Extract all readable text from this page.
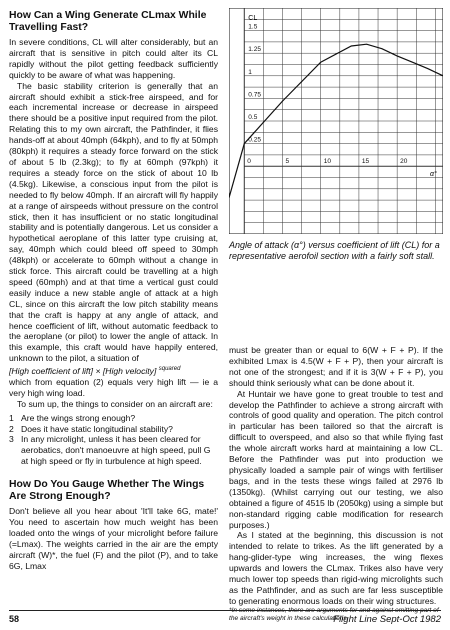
How Can a Wing Generate CLmax While Travelling Fast?

In severe conditions, CL will alter considerably, but an aircraft that is sensitive in pitch could alter its CL rapidly without the pilot getting feedback sufficiently quickly to be aware of what was happening.

The basic stability criterion is generally that an aircraft should exhibit a stick-free airspeed, and for each incremental increase or decrease in airspeed there should be a positive input required from the pilot. Relating this to my own aircraft, the Pathfinder, it flies hands-off at about 40mph (64kph), and to fly at 50mph (80kph) it requires a steady force forward on the stick of about 5 lb (2.3kg); to fly at 60mph (97kph) it requires a steady force on the stick of about 10 lb (4.5kg). Likewise, a conscious input from the pilot is needed to fly below 40mph. If an aircraft will fly happily at a range of airspeeds without pressure on the control stick, then it has insufficient or no static longitudinal stability and is potentially dangerous. Let us consider a hypothetical aeroplane of this latter type cruising at, say, 40mph which could bleed off speed to 30mph (48kph) or accelerate to 60mph without a change in stick force. This aircraft could be travelling at a high speed (60mph) and at that time a vertical gust could easily induce a new stable angle of attack at a high CL, since on this aircraft the low pitch stability means that the craft is happy at any angle of attack, and hence coefficient of lift, without automatic feedback to the aeroplane (or pilot) to lower the angle of attack. In this example, this craft would have happily entered, unknown to the pilot, a situation of

[High coefficient of lift] × [High velocity] $^{squared}$

which from equation (2) equals very high lift — ie a very high wing load.

To sum up, the things to consider on an aircraft are:

1 Are the wings strong enough?
2 Does it have static longitudinal stability?
3 In any microlight, unless it has been cleared for aerobatics, don't manoeuvre at high speed, pull G at high speed or fly in turbulence at high speed.
How Do You Gauge Whether The Wings Are Strong Enough?

Don't believe all you hear about 'It'll take 6G, mate!' You need to ascertain how much weight has been loaded onto the wings of your microlight before failure (=Lmax). The weights carried in the air are the empty aircraft (W)*, the fuel (F) and the pilot (P), and to take 6G, Lmax

0.25
0.5
0.75
1
1.25
1.5
0	5	10	15	20
CL
α°
Angle of attack (α°) versus coefficient of lift (CL) for a representative aerofoil section with a fairly soft stall.

must be greater than or equal to 6(W + F + P). If the exhibited Lmax is 4.5(W + F + P), then your aircraft is not one of the strongest; and if it is 3(W + F + P), you should think seriously what can be done about it.

At Huntair we have gone to great trouble to test and develop the Pathfinder to achieve a strong aircraft with controls of good quality and operation. The pitch control in particular has been tailored so that the aircraft is difficult to overspeed, and also so that while flying fast the whole aircraft works hard at maintaining a low CL. Before the Pathfinder was put into production we physically loaded a sample pair of wings with fertiliser bags, and in the tests these wings failed at 2976 lb (1350kg). (Whilst carrying out our testing, we also obtained a figure of 4515 lb (2050kg) using a simple but non-standard rigging cable modification for research purposes.)

As I stated at the beginning, this discussion is not intended to relate to trikes. As the lift generated by a hang-glider-type wing increases, the wing flexes upwards and lowers the CLmax. Trikes also have very much lower top speeds than rigid-wing microlights such as the Pathfinder, and as such are far less susceptible to generating enormous loads on their wing structures.

*In some instances, there are arguments for and against omitting part of the aircraft's weight in these calculations.

58	Flight Line Sept-Oct 1982
